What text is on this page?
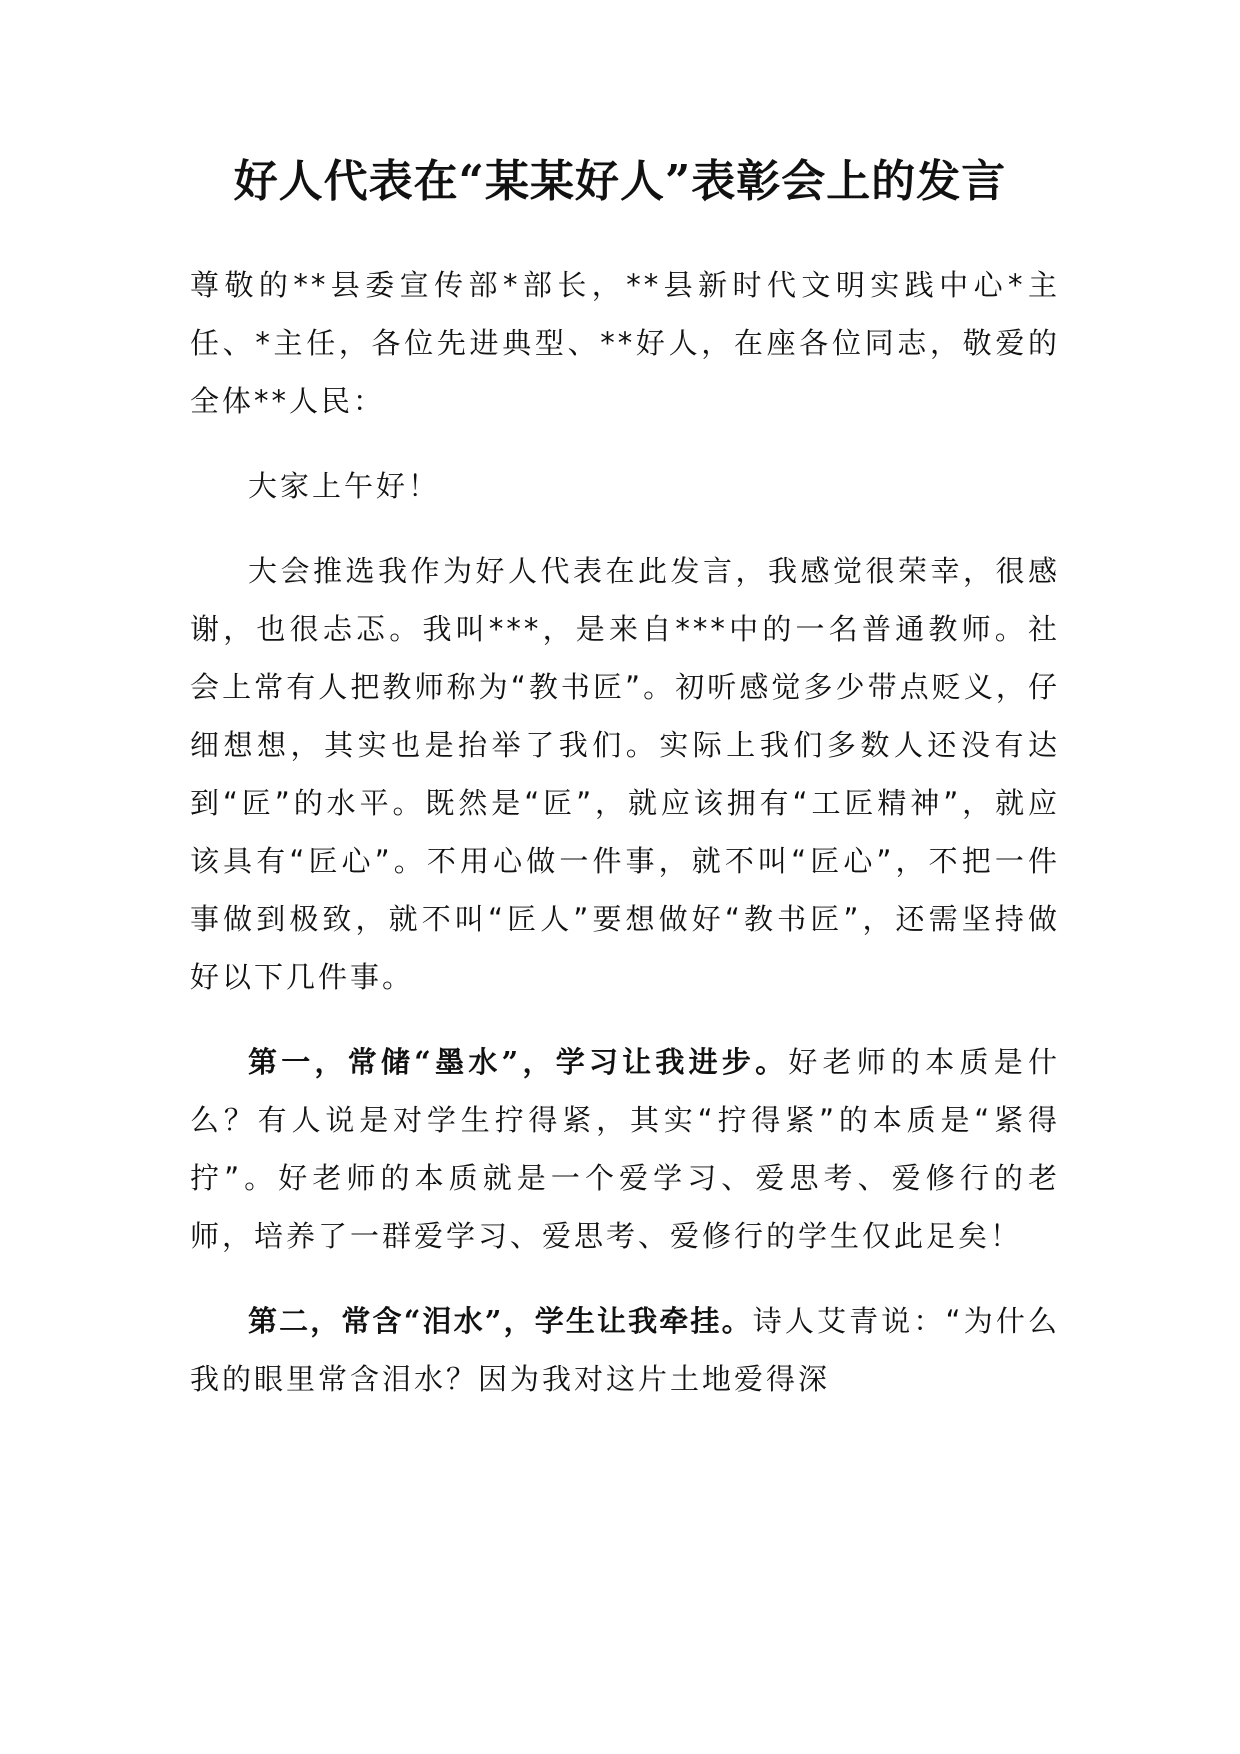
好人代表在“某某好人”表彰会上的发言

尊敬的**县委宣传部*部长，**县新时代文明实践中心*主任、*主任，各位先进典型、**好人，在座各位同志，敬爱的全体**人民：

大家上午好！

大会推选我作为好人代表在此发言，我感觉很荣幸，很感谢，也很忐忑。我叫***，是来自***中的一名普通教师。社会上常有人把教师称为“教书匠”。初听感觉多少带点贬义，仔细想想，其实也是抬举了我们。实际上我们多数人还没有达到“匠”的水平。既然是“匠”，就应该拥有“工匠精神”，就应该具有“匠心”。不用心做一件事，就不叫“匠心”，不把一件事做到极致，就不叫“匠人”要想做好“教书匠”，还需坚持做好以下几件事。

第一，常储“墨水”，学习让我进步。好老师的本质是什么？有人说是对学生拧得紧，其实“拧得紧”的本质是“紧得拧”。好老师的本质就是一个爱学习、爱思考、爱修行的老师，培养了一群爱学习、爱思考、爱修行的学生仅此足矣！

第二，常含“泪水”，学生让我牵挂。诗人艾青说：“为什么我的眼里常含泪水？因为我对这片土地爱得深
